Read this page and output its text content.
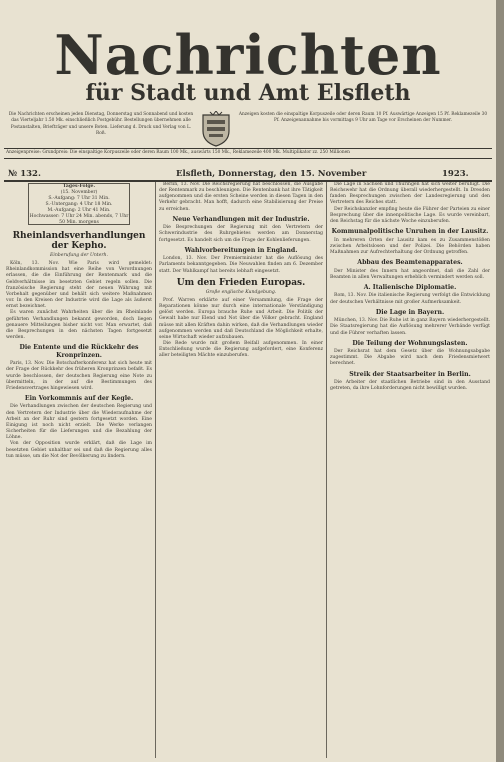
Nachrichten
für Stadt und Amt Elsfleth
Die Nachrichten erscheinen jeden Dienstag, Donnerstag und Sonnabend und kosten das Vierteljahr 1.50 Mk. einschließlich Postgebühr. Bestellungen übernehmen alle Postanstalten, Briefträger und unsere Boten. Lieferung d. Druck und Verlag von L. Roß.
Anzeigen kosten die einspaltige Korpuszeile oder deren Raum 10 Pf. Auswärtige Anzeigen 15 Pf. Reklamezeile 30 Pf. Anzeigenannahme bis vormittags 9 Uhr am Tage vor Erscheinen der Nummer.
Anzeigenpreise: Grundpreis: Die einspaltige Korpuszeile oder deren Raum 100 Mk., auswärts 150 Mk., Reklamezeile 400 Mk. Multiplikator zz. 250 Millionen
№ 132.	Elsfleth, Donnerstag, den 15. November	1923.
Tages-Folge.
(15. November)
S.-Aufgang: 7 Uhr 31 Min.
S.-Untergang: 4 Uhr 18 Min.
M.-Aufgang: 2 Uhr 41 Min.
Hochwasser: 7 Uhr 24 Min. abends, 7 Uhr 50 Min. morgens

Rheinlandsverhandlungen der Kepho.

Einberufung der Unterh.

Köln, 13. Nov. Wie Paris wird gemeldet: Rheinlandkommission hat eine Reihe von Verordnungen erlassen, die die Einführung der Rentenmark und die Geldverhältnisse im besetzten Gebiet regeln sollen. Die französische Regierung steht der neuen Währung mit Vorbehalt gegenüber und behält sich weitere Maßnahmen vor. In den Kreisen der Industrie wird die Lage als äußerst ernst bezeichnet.

Es waren zunächst Wahrheiten über die im Rheinlande geführten Verhandlungen bekannt geworden, doch liegen genauere Mitteilungen bisher nicht vor. Man erwartet, daß die Besprechungen in den nächsten Tagen fortgesetzt werden.

Die Entente und die Rückkehr des Kronprinzen.

Paris, 13. Nov. Die Botschafterkonferenz hat sich heute mit der Frage der Rückkehr des früheren Kronprinzen befaßt. Es wurde beschlossen, der deutschen Regierung eine Note zu übermitteln, in der auf die Bestimmungen des Friedensvertrages hingewiesen wird.

Ein Vorkommnis auf der Kegle.

Die Verhandlungen zwischen der deutschen Regierung und den Vertretern der Industrie über die Wiederaufnahme der Arbeit an der Ruhr sind gestern fortgesetzt worden. Eine Einigung ist noch nicht erzielt. Die Werke verlangen Sicherheiten für die Lieferungen und die Bezahlung der Löhne.

Von der Opposition wurde erklärt, daß die Lage im besetzten Gebiet unhaltbar sei und daß die Regierung alles tun müsse, um die Not der Bevölkerung zu lindern.

Berlin, 13. Nov. Die Reichsregierung hat beschlossen, die Ausgabe der Rentenmark zu beschleunigen. Die Rentenbank hat ihre Tätigkeit aufgenommen und die ersten Scheine werden in diesen Tagen in den Verkehr gebracht. Man hofft, dadurch eine Stabilisierung der Preise zu erreichen.

Neue Verhandlungen mit der Industrie.

Die Besprechungen der Regierung mit den Vertretern der Schwerindustrie des Ruhrgebietes werden am Donnerstag fortgesetzt. Es handelt sich um die Frage der Kohlenlieferungen.

Wahlvorbereitungen in England.

London, 13. Nov. Der Premierminister hat die Auflösung des Parlaments bekanntgegeben. Die Neuwahlen finden am 6. Dezember statt. Der Wahlkampf hat bereits lebhaft eingesetzt.

Um den Frieden Europas.

Große englische Kundgebung.

Prof. Warren erklärte auf einer Versammlung, die Frage der Reparationen könne nur durch eine internationale Verständigung gelöst werden. Europa brauche Ruhe und Arbeit. Die Politik der Gewalt habe nur Elend und Not über die Völker gebracht. England müsse mit allen Kräften dahin wirken, daß die Verhandlungen wieder aufgenommen werden und daß Deutschland die Möglichkeit erhalte, seine Wirtschaft wieder aufzubauen.

Die Rede wurde mit großem Beifall aufgenommen. In einer Entschließung wurde die Regierung aufgefordert, eine Konferenz aller beteiligten Mächte einzuberufen.

Die Lage in Sachsen und Thüringen hat sich weiter beruhigt. Die Reichswehr hat die Ordnung überall wiederhergestellt. In Dresden fanden Besprechungen zwischen der Landesregierung und den Vertretern des Reiches statt.

Der Reichskanzler empfing heute die Führer der Parteien zu einer Besprechung über die innenpolitische Lage. Es wurde vereinbart, den Reichstag für die nächste Woche einzuberufen.

Kommunalpolitische Unruhen in der Lausitz.

In mehreren Orten der Lausitz kam es zu Zusammenstößen zwischen Arbeitslosen und der Polizei. Die Behörden haben Maßnahmen zur Aufrechterhaltung der Ordnung getroffen.

Abbau des Beamtenapparates.

Der Minister des Innern hat angeordnet, daß die Zahl der Beamten in allen Verwaltungen erheblich vermindert werden soll.

A. Italienische Diplomatie.

Rom, 13. Nov. Die italienische Regierung verfolgt die Entwicklung der deutschen Verhältnisse mit großer Aufmerksamkeit.

Die Lage in Bayern.

München, 13. Nov. Die Ruhe ist in ganz Bayern wiederhergestellt. Die Staatsregierung hat die Auflösung mehrerer Verbände verfügt und die Führer verhaften lassen.

Die Teilung der Wohnungslasten.

Der Reichsrat hat dem Gesetz über die Wohnungsabgabe zugestimmt. Die Abgabe wird nach dem Friedensmietwert berechnet.

Streik der Staatsarbeiter in Berlin.

Die Arbeiter der staatlichen Betriebe sind in den Ausstand getreten, da ihre Lohnforderungen nicht bewilligt wurden.
